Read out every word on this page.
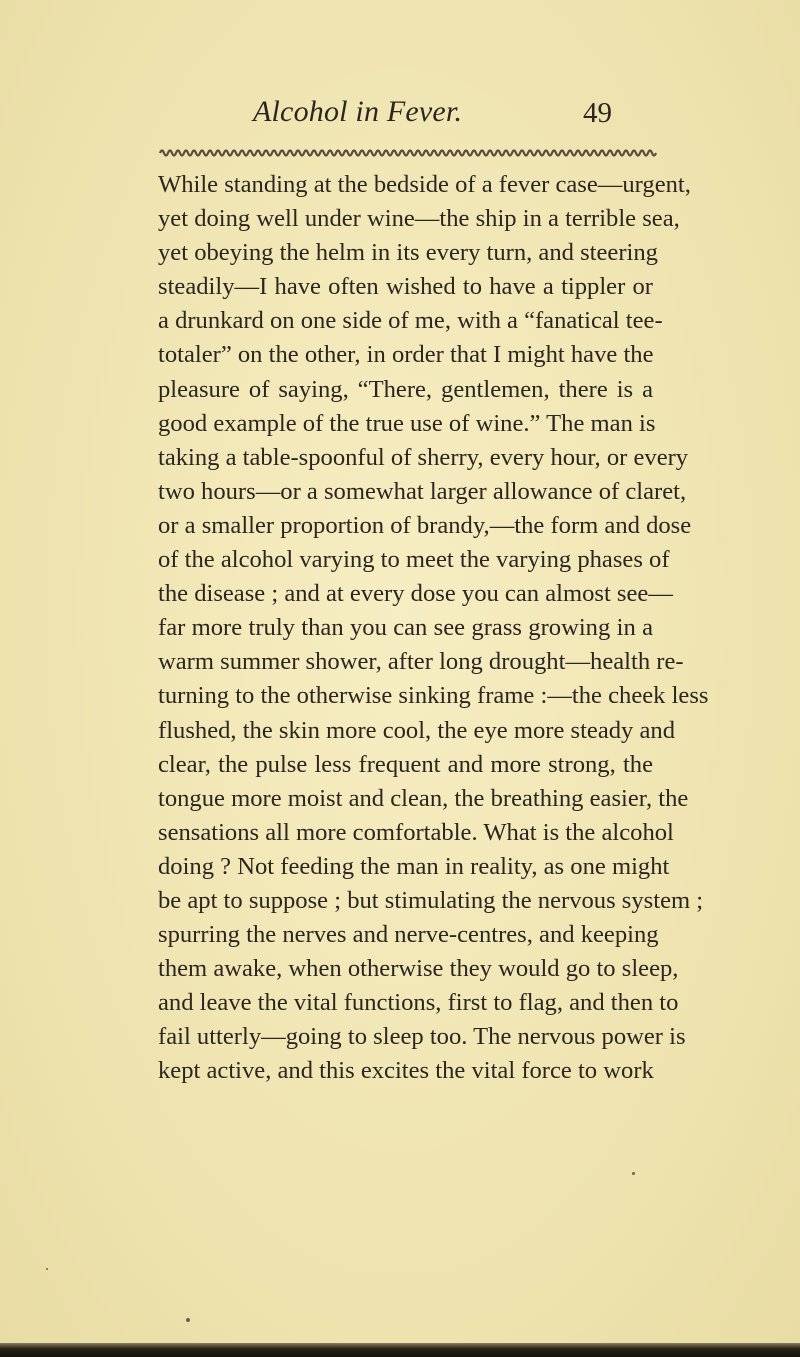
Alcohol in Fever.	49
While standing at the bedside of a fever case—urgent,
yet doing well under wine—the ship in a terrible sea,
yet obeying the helm in its every turn, and steering
steadily—I have often wished to have a tippler or
a drunkard on one side of me, with a “fanatical tee-
totaler” on the other, in order that I might have the
pleasure of saying, “There, gentlemen, there is a
good example of the true use of wine.” The man is
taking a table-spoonful of sherry, every hour, or every
two hours—or a somewhat larger allowance of claret,
or a smaller proportion of brandy,—the form and dose
of the alcohol varying to meet the varying phases of
the disease ; and at every dose you can almost see—
far more truly than you can see grass growing in a
warm summer shower, after long drought—health re-
turning to the otherwise sinking frame :—the cheek less
flushed, the skin more cool, the eye more steady and
clear, the pulse less frequent and more strong, the
tongue more moist and clean, the breathing easier, the
sensations all more comfortable. What is the alcohol
doing ? Not feeding the man in reality, as one might
be apt to suppose ; but stimulating the nervous system ;
spurring the nerves and nerve-centres, and keeping
them awake, when otherwise they would go to sleep,
and leave the vital functions, first to flag, and then to
fail utterly—going to sleep too. The nervous power is
kept active, and this excites the vital force to work
